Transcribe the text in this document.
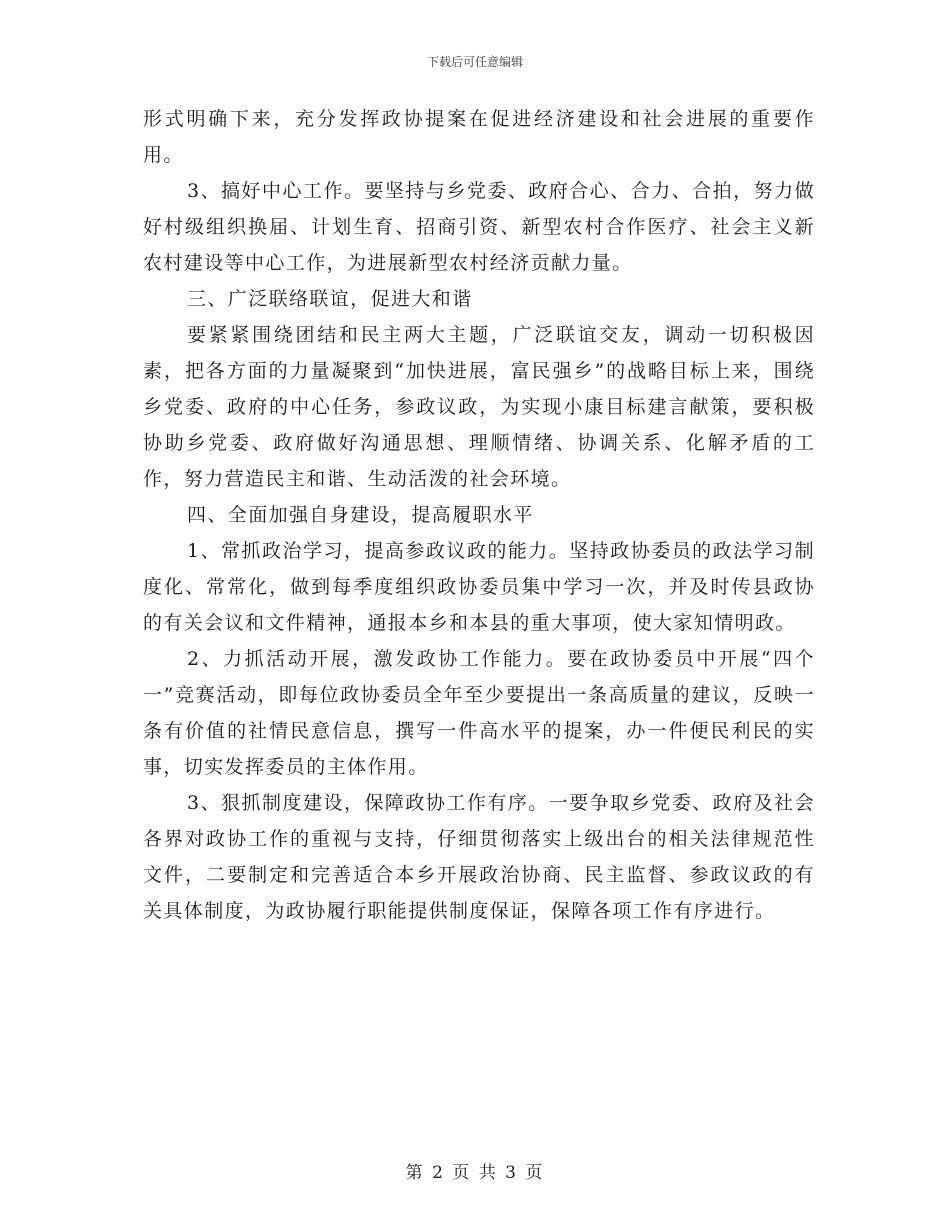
下载后可任意编辑

形式明确下来，充分发挥政协提案在促进经济建设和社会进展的重要作用。

3、搞好中心工作。要坚持与乡党委、政府合心、合力、合拍，努力做好村级组织换届、计划生育、招商引资、新型农村合作医疗、社会主义新农村建设等中心工作，为进展新型农村经济贡献力量。

三、广泛联络联谊，促进大和谐

要紧紧围绕团结和民主两大主题，广泛联谊交友，调动一切积极因素，把各方面的力量凝聚到“加快进展，富民强乡”的战略目标上来，围绕乡党委、政府的中心任务，参政议政，为实现小康目标建言献策，要积极协助乡党委、政府做好沟通思想、理顺情绪、协调关系、化解矛盾的工作，努力营造民主和谐、生动活泼的社会环境。

四、全面加强自身建设，提高履职水平

1、常抓政治学习，提高参政议政的能力。坚持政协委员的政法学习制度化、常常化，做到每季度组织政协委员集中学习一次，并及时传县政协的有关会议和文件精神，通报本乡和本县的重大事项，使大家知情明政。

2、力抓活动开展，激发政协工作能力。要在政协委员中开展“四个一”竞赛活动，即每位政协委员全年至少要提出一条高质量的建议，反映一条有价值的社情民意信息，撰写一件高水平的提案，办一件便民利民的实事，切实发挥委员的主体作用。

3、狠抓制度建设，保障政协工作有序。一要争取乡党委、政府及社会各界对政协工作的重视与支持，仔细贯彻落实上级出台的相关法律规范性文件，二要制定和完善适合本乡开展政治协商、民主监督、参政议政的有关具体制度，为政协履行职能提供制度保证，保障各项工作有序进行。

第 2 页 共 3 页
